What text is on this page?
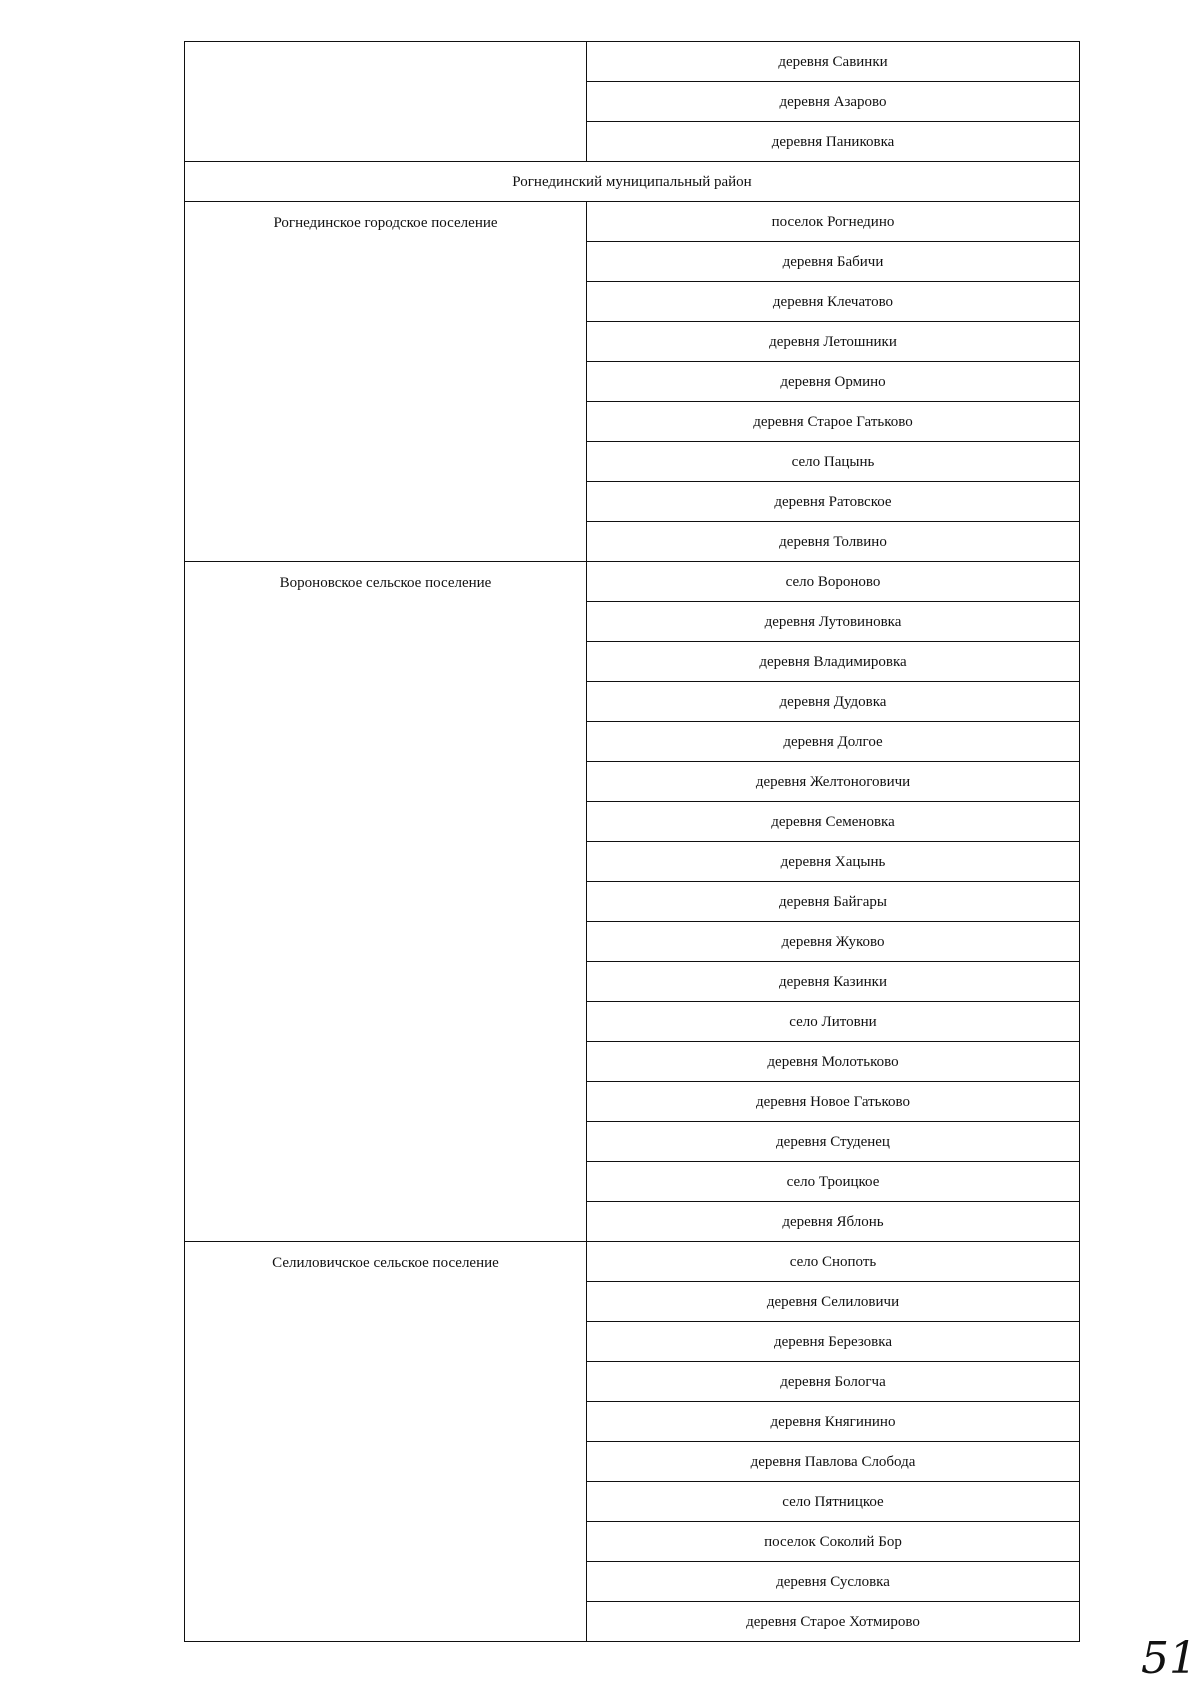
	деревня Савинки
	деревня Азарово
	деревня Паниковка
Рогнединский муниципальный район	
Рогнединское городское поселение	поселок Рогнедино
	деревня Бабичи
	деревня Клечатово
	деревня Летошники
	деревня Ормино
	деревня Старое Гатьково
	село Пацынь
	деревня Ратовское
	деревня Толвино
Вороновское сельское поселение	село Вороново
	деревня Лутовиновка
	деревня Владимировка
	деревня Дудовка
	деревня Долгое
	деревня Желтоноговичи
	деревня Семеновка
	деревня Хацынь
	деревня Байгары
	деревня Жуково
	деревня Казинки
	село Литовни
	деревня Молотьково
	деревня Новое Гатьково
	деревня Студенец
	село Троицкое
	деревня Яблонь
Селиловичское сельское поселение	село Снопоть
	деревня Селиловичи
	деревня Березовка
	деревня Бологча
	деревня Княгинино
	деревня Павлова Слобода
	село Пятницкое
	поселок Соколий Бор
	деревня Сусловка
	деревня Старое Хотмирово
51
